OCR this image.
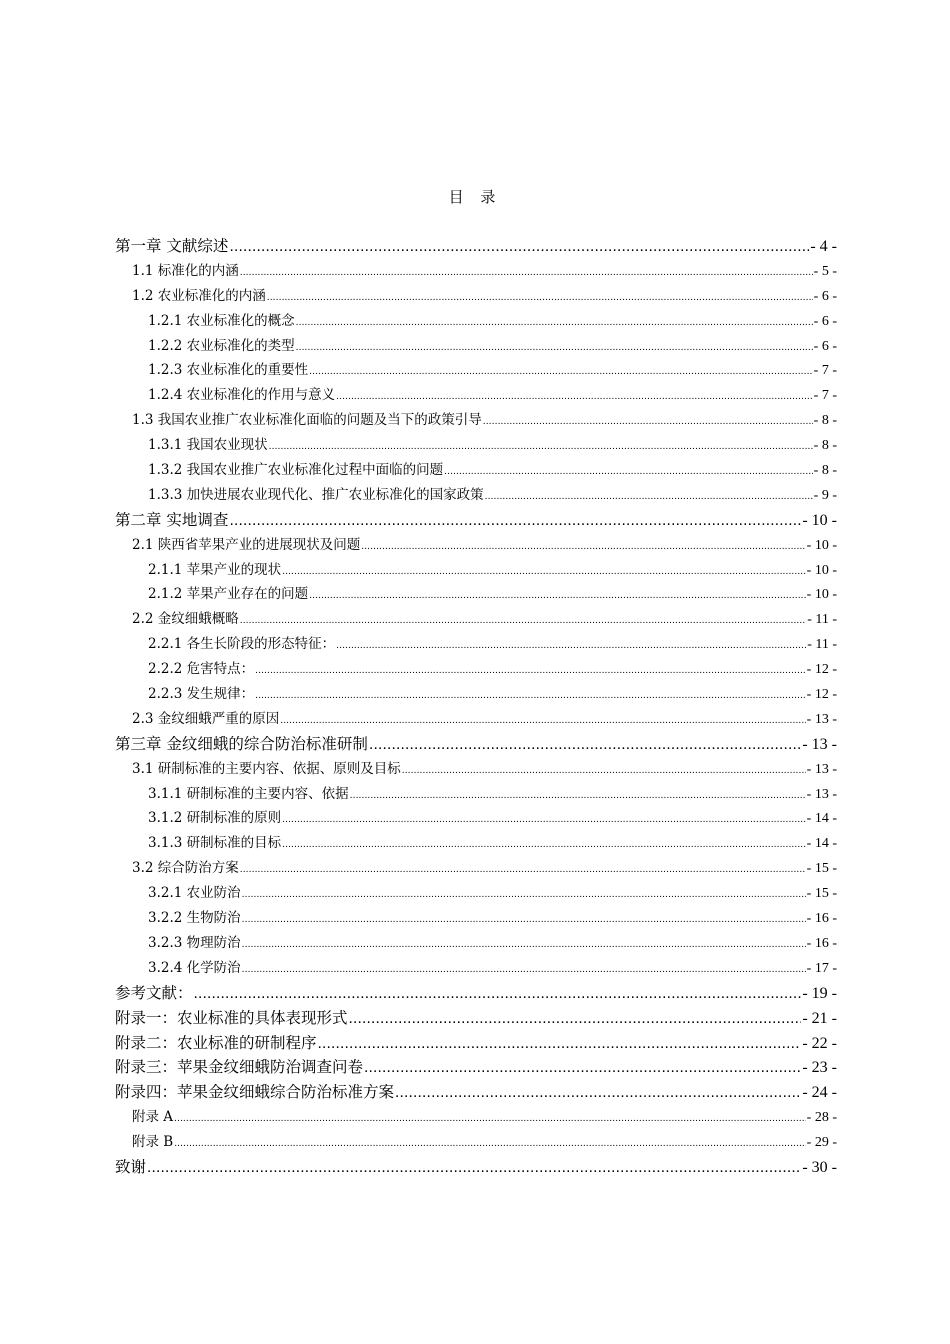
目 录
第一章 文献综述 .....	- 4 -
1.1 标准化的内涵 .....	- 5 -
1.2 农业标准化的内涵 .....	- 6 -
1.2.1 农业标准化的概念 .....	- 6 -
1.2.2 农业标准化的类型 .....	- 6 -
1.2.3 农业标准化的重要性 .....	- 7 -
1.2.4 农业标准化的作用与意义 .....	- 7 -
1.3 我国农业推广农业标准化面临的问题及当下的政策引导 .....	- 8 -
1.3.1 我国农业现状 .....	- 8 -
1.3.2 我国农业推广农业标准化过程中面临的问题 .....	- 8 -
1.3.3 加快进展农业现代化、推广农业标准化的国家政策 .....	- 9 -
第二章 实地调查 .....	- 10 -
2.1 陕西省苹果产业的进展现状及问题 .....	- 10 -
2.1.1 苹果产业的现状 .....	- 10 -
2.1.2 苹果产业存在的问题 .....	- 10 -
2.2 金纹细蛾概略 .....	- 11 -
2.2.1 各生长阶段的形态特征： .....	- 11 -
2.2.2 危害特点： .....	- 12 -
2.2.3 发生规律： .....	- 12 -
2.3 金纹细蛾严重的原因 .....	- 13 -
第三章 金纹细蛾的综合防治标准研制 .....	- 13 -
3.1 研制标准的主要内容、依据、原则及目标 .....	- 13 -
3.1.1 研制标准的主要内容、依据 .....	- 13 -
3.1.2 研制标准的原则 .....	- 14 -
3.1.3 研制标准的目标 .....	- 14 -
3.2 综合防治方案 .....	- 15 -
3.2.1 农业防治 .....	- 15 -
3.2.2 生物防治 .....	- 16 -
3.2.3 物理防治 .....	- 16 -
3.2.4 化学防治 .....	- 17 -
参考文献： .....	- 19 -
附录一：农业标准的具体表现形式 .....	- 21 -
附录二：农业标准的研制程序 .....	- 22 -
附录三：苹果金纹细蛾防治调查问卷 .....	- 23 -
附录四：苹果金纹细蛾综合防治标准方案 .....	- 24 -
附录 A .....	- 28 -
附录 B .....	- 29 -
致谢 .....	- 30 -
